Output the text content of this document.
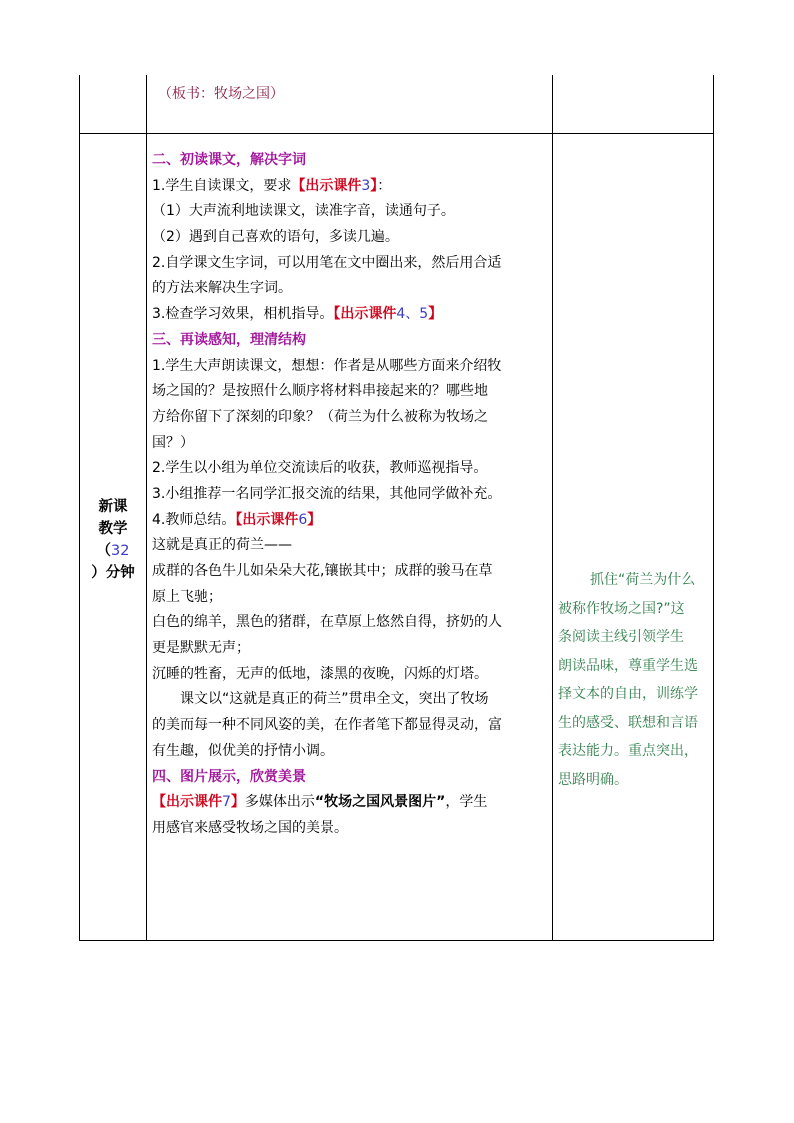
（板书：牧场之国）
新课
教学
（32
）分钟
二、初读课文，解决字词
1.学生自读课文，要求【出示课件3】：
（1）大声流利地读课文，读准字音，读通句子。
（2）遇到自己喜欢的语句，多读几遍。
2.自学课文生字词，可以用笔在文中圈出来，然后用合适
的方法来解决生字词。
3.检查学习效果，相机指导。【出示课件4、5】
三、再读感知，理清结构
1.学生大声朗读课文，想想：作者是从哪些方面来介绍牧
场之国的？是按照什么顺序将材料串接起来的？哪些地
方给你留下了深刻的印象？（荷兰为什么被称为牧场之
国？）
2.学生以小组为单位交流读后的收获，教师巡视指导。
3.小组推荐一名同学汇报交流的结果，其他同学做补充。
4.教师总结。【出示课件6】
这就是真正的荷兰——
成群的各色牛儿如朵朵大花,镶嵌其中；成群的骏马在草
原上飞驰；
白色的绵羊，黑色的猪群，在草原上悠然自得，挤奶的人
更是默默无声；
沉睡的牲畜，无声的低地，漆黑的夜晚，闪烁的灯塔。
课文以“这就是真正的荷兰”贯串全文，突出了牧场
的美而每一种不同风姿的美，在作者笔下都显得灵动，富
有生趣，似优美的抒情小调。
四、图片展示，欣赏美景
【出示课件7】多媒体出示“牧场之国风景图片”，学生
用感官来感受牧场之国的美景。
抓住“荷兰为什么
被称作牧场之国?”这
条阅读主线引领学生
朗读品味，尊重学生选
择文本的自由，训练学
生的感受、联想和言语
表达能力。重点突出，
思路明确。
